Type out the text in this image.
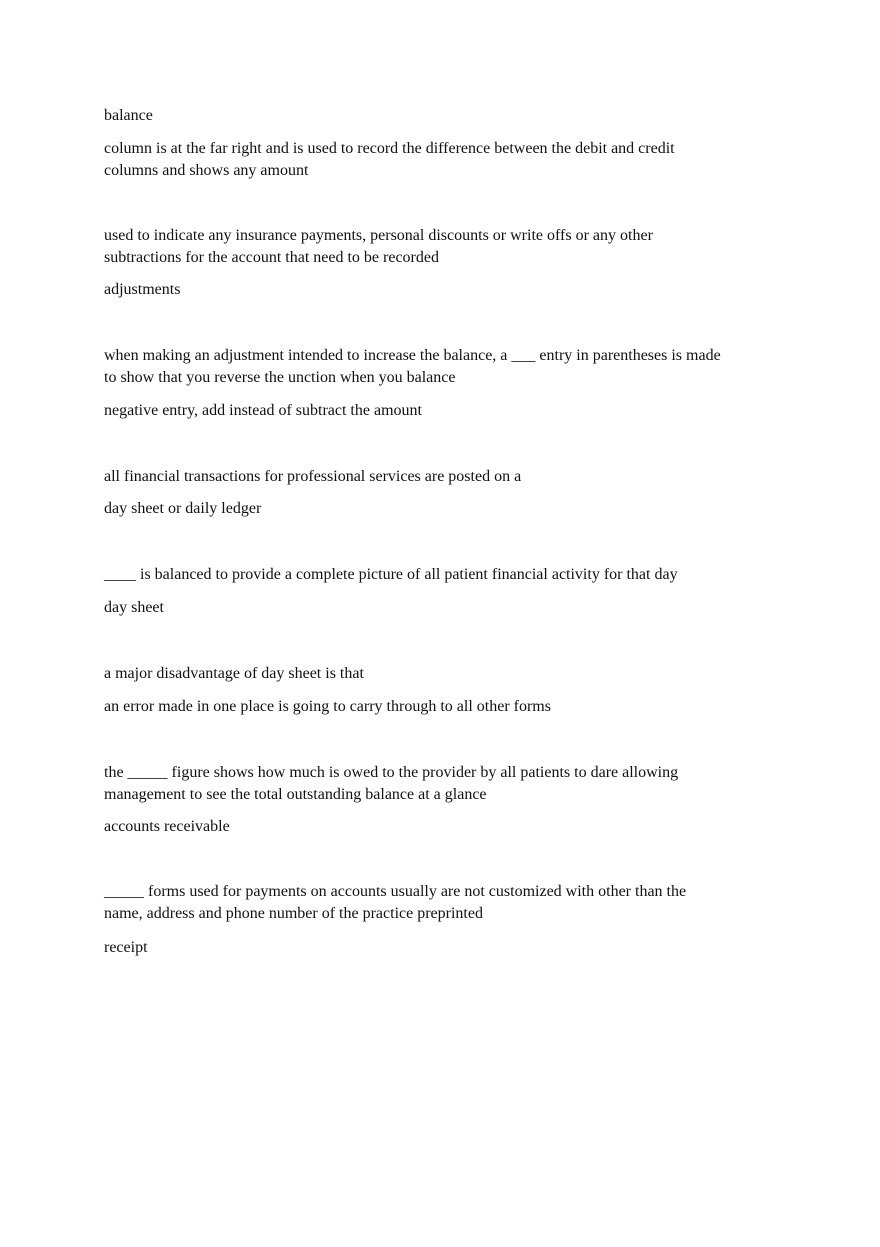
balance

column is at the far right and is used to record the difference between the debit and credit
columns and shows any amount

used to indicate any insurance payments, personal discounts or write offs or any other
subtractions for the account that need to be recorded

adjustments

when making an adjustment intended to increase the balance, a ___ entry in parentheses is made
to show that you reverse the unction when you balance

negative entry, add instead of subtract the amount

all financial transactions for professional services are posted on a

day sheet or daily ledger

____ is balanced to provide a complete picture of all patient financial activity for that day

day sheet

a major disadvantage of day sheet is that

an error made in one place is going to carry through to all other forms

the _____ figure shows how much is owed to the provider by all patients to dare allowing
management to see the total outstanding balance at a glance

accounts receivable

_____ forms used for payments on accounts usually are not customized with other than the
name, address and phone number of the practice preprinted

receipt
